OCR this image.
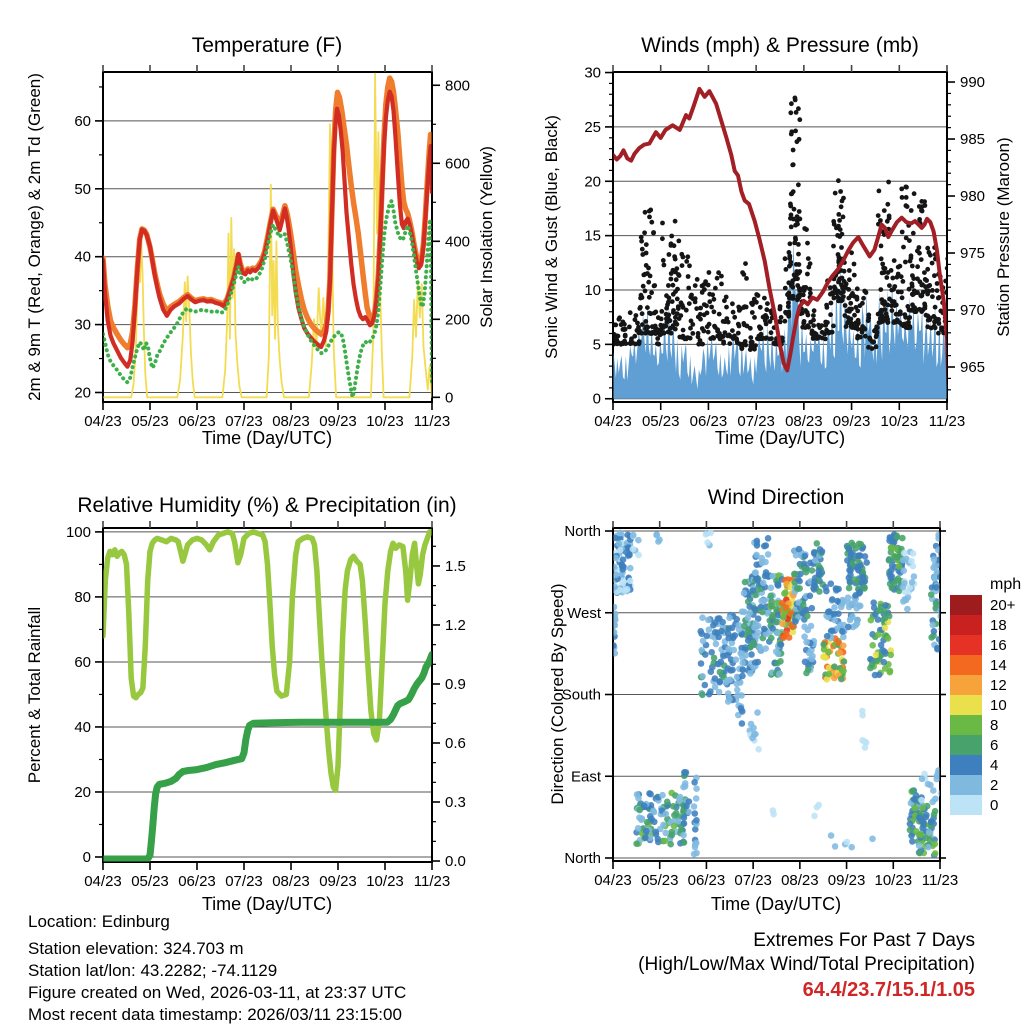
04/23 05/23 06/23 07/23 08/23 09/23 10/23 11/23
20
30
40
50
60
0
200
400
600
800
Temperature (F)
Time (Day/UTC)
2m & 9m T (Red, Orange) & 2m Td (Green)	Solar Insolation (Yellow)
04/23 05/23 06/23 07/23 08/23 09/23 10/23 11/23
0
5
10
15
20
25
30
965
970
975
980
985
990
Winds (mph) & Pressure (mb)
Time (Day/UTC)
Sonic Wind & Gust (Blue, Black)	Station Pressure (Maroon)
04/23 05/23 06/23 07/23 08/23 09/23 10/23 11/23
0
20
40
60
80
100
0.0
0.3
0.6
0.9
1.2
1.5
Relative Humidity (%) & Precipitation (in)
Time (Day/UTC)
Percent & Total Rainfall
04/23 05/23 06/23 07/23 08/23 09/23 10/23 11/23
North
West
South
East
North
Wind Direction
Time (Day/UTC)
Direction (Colored By Speed)	mph
20+
18
16
14
12
10
8
6
4
2
0
Location: Edinburg
Station elevation: 324.703 m
Station lat/lon: 43.2282; -74.1129
Figure created on Wed, 2026-03-11, at 23:37 UTC
Most recent data timestamp: 2026/03/11 23:15:00
Extremes For Past 7 Days
(High/Low/Max Wind/Total Precipitation)
64.4/23.7/15.1/1.05
